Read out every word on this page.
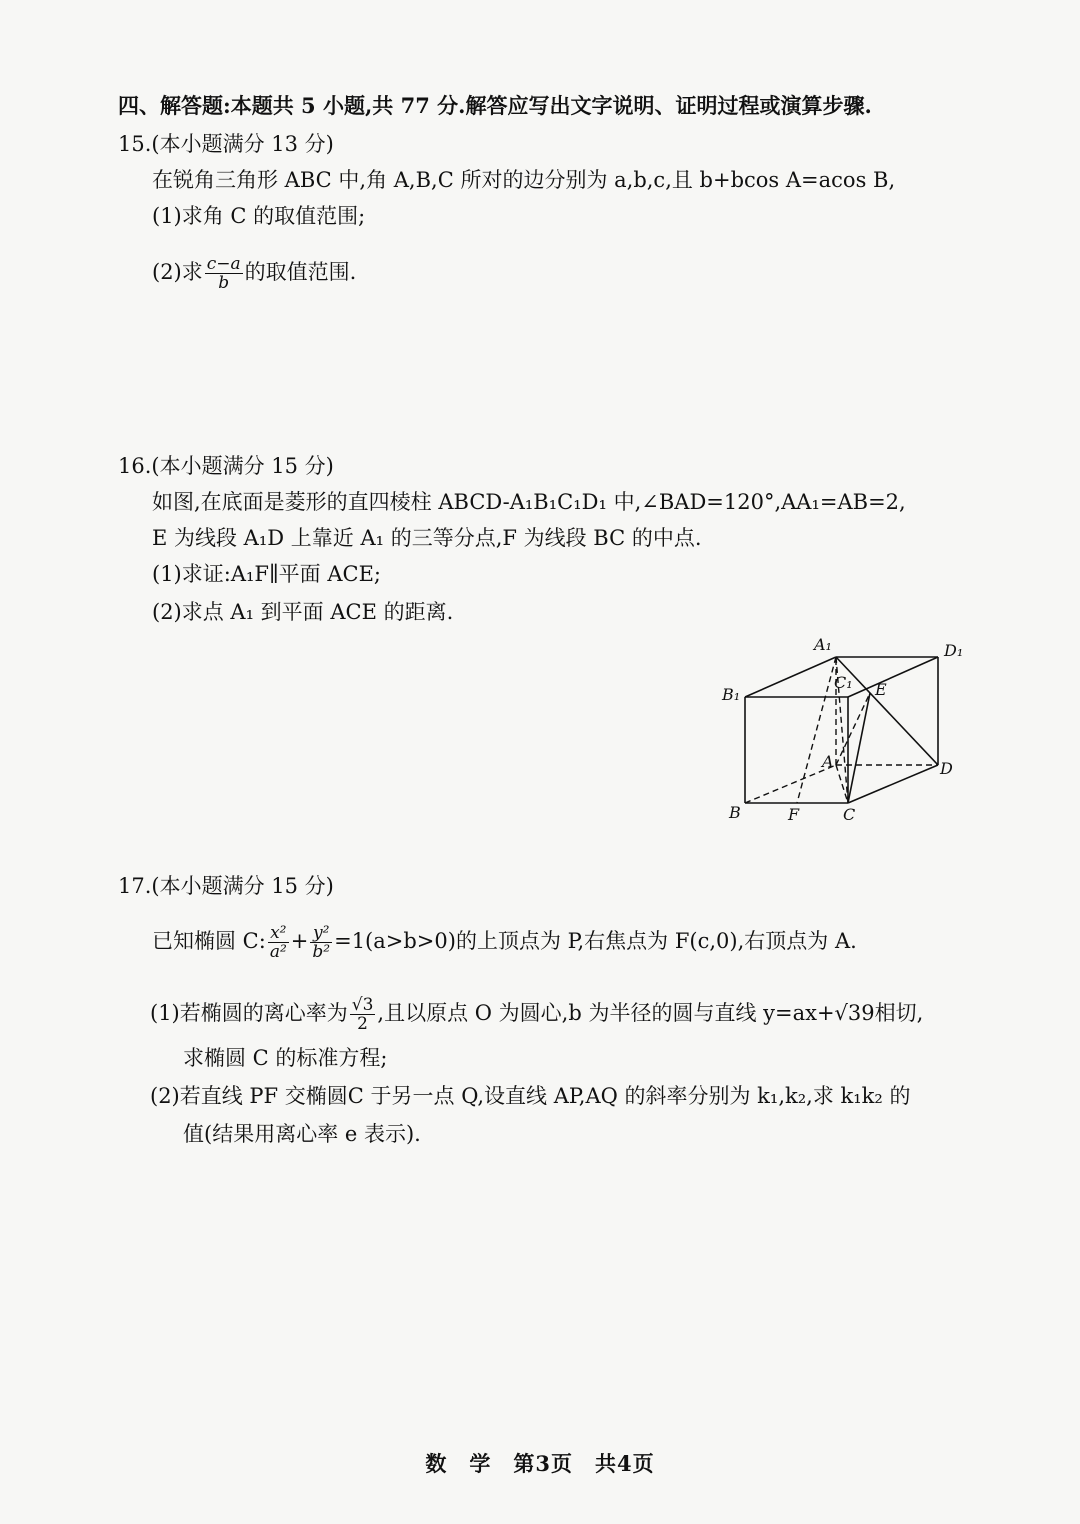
四、解答题:本题共 5 小题,共 77 分.解答应写出文字说明、证明过程或演算步骤.
15.(本小题满分 13 分)
在锐角三角形 ABC 中,角 A,B,C 所对的边分别为 a,b,c,且 b+bcos A=acos B,
(1)求角 C 的取值范围;
(2)求 $\frac{c-a}{b}$ 的取值范围.
16.(本小题满分 15 分)
如图,在底面是菱形的直四棱柱 ABCD-A₁B₁C₁D₁ 中,∠BAD=120°,AA₁=AB=2,
E 为线段 A₁D 上靠近 A₁ 的三等分点,F 为线段 BC 的中点.
(1)求证:A₁F∥平面 ACE;
(2)求点 A₁ 到平面 ACE 的距离.
A₁	D₁
B₁
C₁ E
A	D
B	F	C
17.(本小题满分 15 分)
已知椭圆 C: $\frac{\text{x²}}{\text{a²}} + \frac{\text{y²}}{\text{b²}} =1(a>b>0)$的上顶点为 P,右焦点为 F(c,0),右顶点为 A.
(1)若椭圆的离心率为 $\frac{√3}{2}$ ,且以原点 O 为圆心,b 为半径的圆与直线 y=ax+√39相切,
求椭圆 C 的标准方程;
(2)若直线 PF 交椭圆C 于另一点 Q,设直线 AP,AQ 的斜率分别为 k₁,k₂,求 k₁k₂ 的
值(结果用离心率 e 表示).
数　学　第3页　共4页
